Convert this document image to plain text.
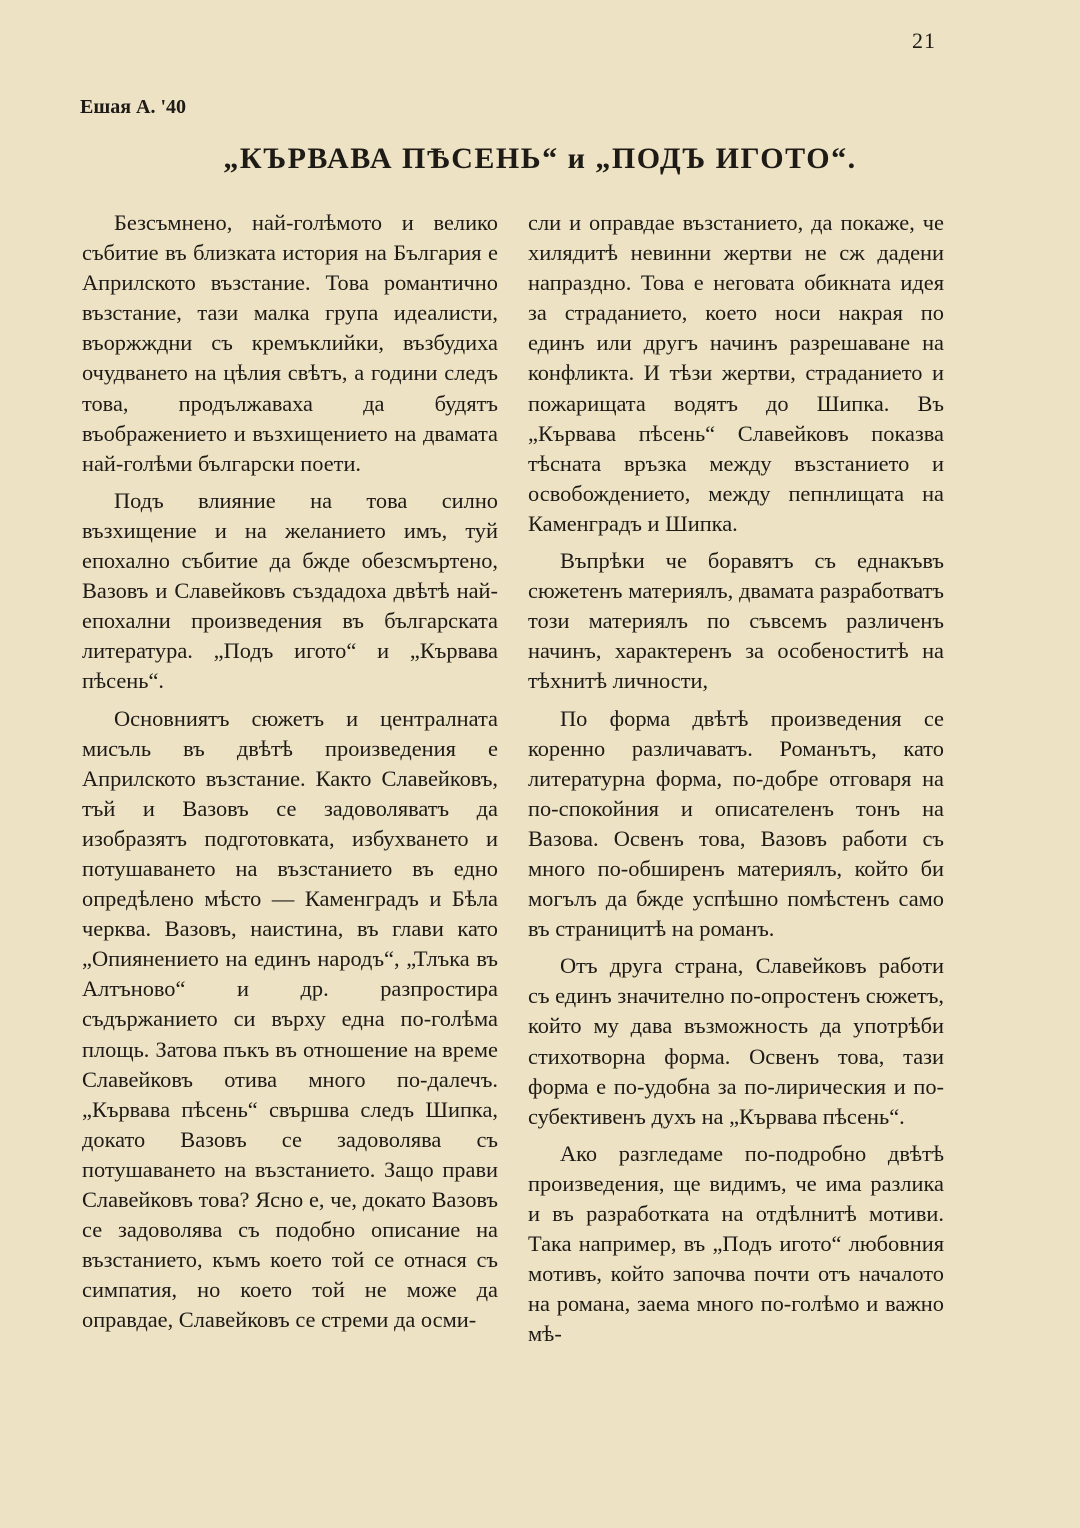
21
Ешая А. '40
„КЪРВАВА ПѢСЕНЬ“ и „ПОДЪ ИГОТО“.

Безсъмнено, най-голѣмото и велико събитие въ близката история на България е Априлското възстание. Това романтично възстание, тази малка група идеалисти, въоржждни съ кремъклийки, възбудиха очудването на цѣлия свѣтъ, а години следъ това, продължаваха да будятъ въображението и възхищението на двамата най-голѣми български поети.

Подъ влияние на това силно възхищение и на желанието имъ, туй епохално събитие да бжде обезсмъртено, Вазовъ и Славейковъ създадоха двѣтѣ най-епохални произведения въ българската литература. „Подъ игото“ и „Кървава пѣсень“.

Основниятъ сюжетъ и централната мисъль въ двѣтѣ произведения е Априлското възстание. Както Славейковъ, тъй и Вазовъ се задоволяватъ да изобразятъ подготовката, избухването и потушаването на възстанието въ едно опредѣлено мѣсто — Каменградъ и Бѣла черква. Вазовъ, наистина, въ глави като „Опиянението на единъ народъ“, „Тлъка въ Алтъново“ и др. разпростира съдържанието си върху една по-голѣма площь. Затова пъкъ въ отношение на време Славейковъ отива много по-далечъ. „Кървава пѣсень“ свършва следъ Шипка, докато Вазовъ се задоволява съ потушаването на възстанието. Защо прави Славейковъ това? Ясно е, че, докато Вазовъ се задоволява съ подобно описание на възстанието, къмъ което той се отнася съ симпатия, но което той не може да оправдае, Славейковъ се стреми да осми-

сли и оправдае възстанието, да покаже, че хилядитѣ невинни жертви не сж дадени напраздно. Това е неговата обикната идея за страданието, което носи накрая по единъ или другъ начинъ разрешаване на конфликта. И тѣзи жертви, страданието и пожарищата водятъ до Шипка. Въ „Кървава пѣсень“ Славейковъ показва тѣсната връзка между възстанието и освобождението, между пепнлищата на Каменградъ и Шипка.

Въпрѣки че боравятъ съ еднакъвъ сюжетенъ материялъ, двамата разработватъ този материялъ по съвсемъ различенъ начинъ, характеренъ за особеноститѣ на тѣхнитѣ личности,

По форма двѣтѣ произведения се коренно различаватъ. Романътъ, като литературна форма, по-добре отговаря на по-спокойния и описателенъ тонъ на Вазова. Освенъ това, Вазовъ работи съ много по-обширенъ материялъ, който би могълъ да бжде успѣшно помѣстенъ само въ страницитѣ на романъ.

Отъ друга страна, Славейковъ работи съ единъ значително по-опростенъ сюжетъ, който му дава възможность да употрѣби стихотворна форма. Освенъ това, тази форма е по-удобна за по-лирическия и по-субективенъ духъ на „Кървава пѣсень“.

Ако разгледаме по-подробно двѣтѣ произведения, ще видимъ, че има разлика и въ разработката на отдѣлнитѣ мотиви. Така например, въ „Подъ игото“ любовния мотивъ, който започва почти отъ началото на романа, заема много по-голѣмо и важно мѣ-
